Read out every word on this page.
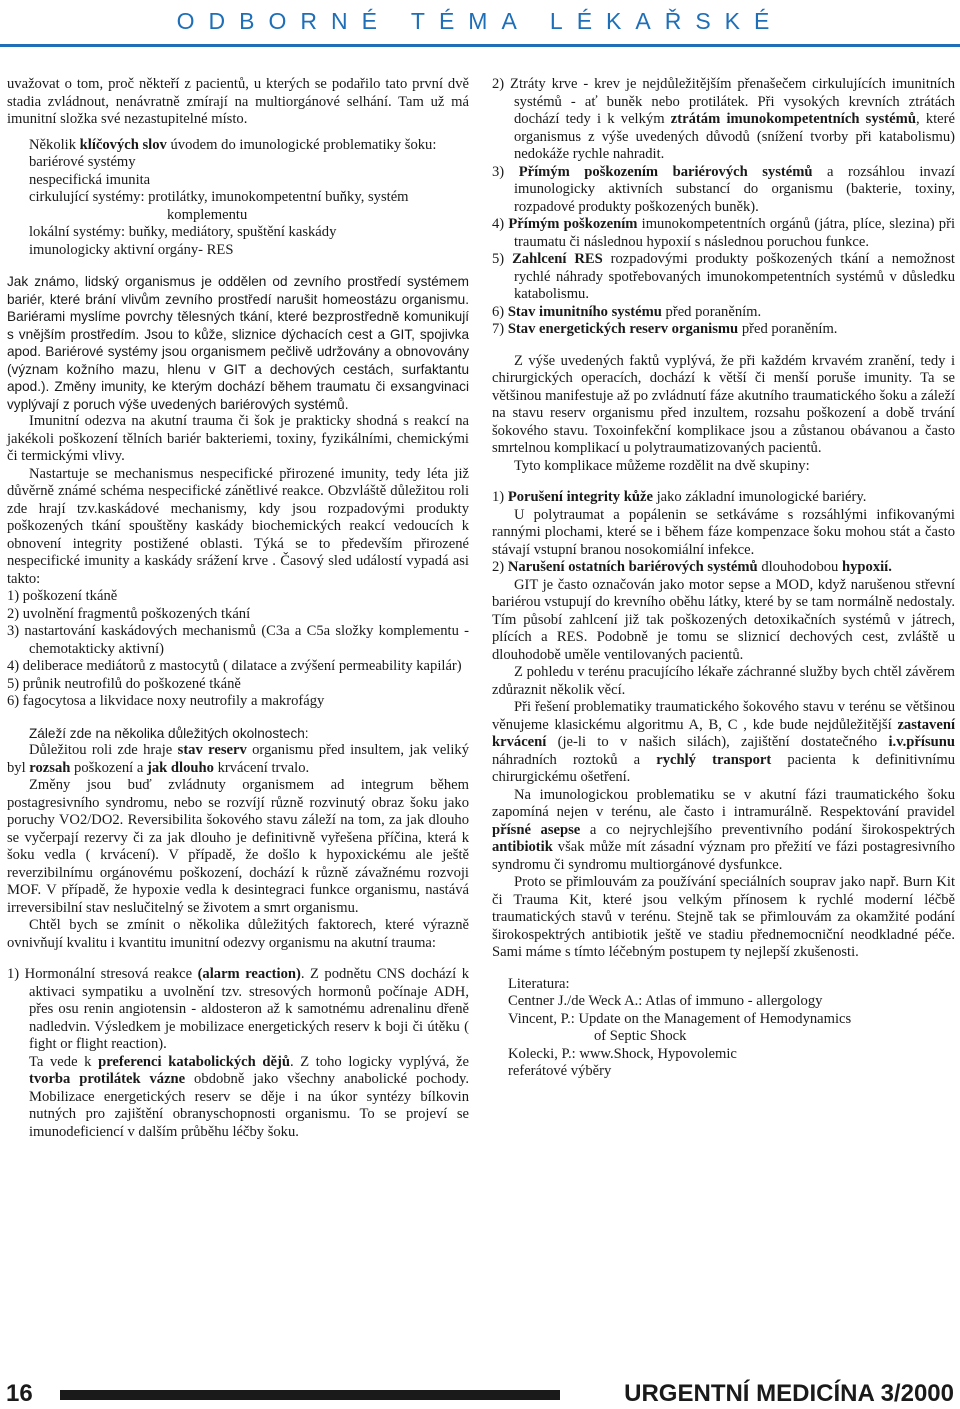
ODBORNÉ TÉMA LÉKAŘSKÉ

uvažovat o tom, proč někteří z pacientů, u kterých se podařilo tato první dvě stadia zvládnout, nenávratně zmírají na multiorgánové selhání. Tam už má imunitní složka své nezastupitelné místo.

Několik klíčových slov úvodem do imunologické problematiky šoku:

bariérové systémy

nespecifická imunita

cirkulující systémy: protilátky, imunokompetentní buňky, systém

komplementu

lokální systémy: buňky, mediátory, spuštění kaskády

imunologicky aktivní orgány- RES

Jak známo, lidský organismus je oddělen od zevního prostředí systémem bariér, které brání vlivům zevního prostředí narušit homeostázu organismu. Bariérami myslíme povrchy tělesných tkání, které bezprostředně komunikují s vnějším prostředím. Jsou to kůže, sliznice dýchacích cest a GIT, spojivka apod. Bariérové systémy jsou organismem pečlivě udržovány a obnovovány (význam kožního mazu, hlenu v GIT a dechových cestách, surfaktantu apod.). Změny imunity, ke kterým dochází během traumatu či exsangvinaci vyplývají z poruch výše uvedených bariérových systémů.

Imunitní odezva na akutní trauma či šok je prakticky shodná s reakcí na jakékoli poškození tělních bariér bakteriemi, toxiny, fyzikálními, chemickými či termickými vlivy.

Nastartuje se mechanismus nespecifické přirozené imunity, tedy léta již důvěrně známé schéma nespecifické zánětlivé reakce. Obzvláště důležitou roli zde hrají tzv.kaskádové mechanismy, kdy jsou rozpadovými produkty poškozených tkání spouštěny kaskády biochemických reakcí vedoucích k obnovení integrity postižené oblasti. Týká se to především přirozené nespecifické imunity a kaskády srážení krve . Časový sled událostí vypadá asi takto:

1) poškození tkáně

2) uvolnění fragmentů poškozených tkání

3) nastartování kaskádových mechanismů (C3a a C5a složky komplementu - chemotakticky aktivní)

4) deliberace mediátorů z mastocytů ( dilatace a zvýšení permeability kapilár)

5) průnik neutrofilů do poškozené tkáně

6) fagocytosa a likvidace noxy neutrofily a makrofágy

Záleží zde na několika důležitých okolnostech:

Důležitou roli zde hraje stav reserv organismu před insultem, jak veliký byl rozsah poškození a jak dlouho krvácení trvalo.

Změny jsou buď zvládnuty organismem ad integrum během postagresivního syndromu, nebo se rozvíjí různě rozvinutý obraz šoku jako poruchy VO2/DO2. Reversibilita šokového stavu záleží na tom, za jak dlouho se vyčerpají rezervy či za jak dlouho je definitivně vyřešena příčina, která k šoku vedla ( krvácení). V případě, že došlo k hypoxickému ale ještě reverzibilnímu orgánovému poškození, dochází k různě závažnému rozvoji MOF. V případě, že hypoxie vedla k desintegraci funkce organismu, nastává irreversibilní stav neslučitelný se životem a smrt organismu.

Chtěl bych se zmínit o několika důležitých faktorech, které výrazně ovnivňují kvalitu i kvantitu imunitní odezvy organismu na akutní trauma:

1) Hormonální stresová reakce (alarm reaction). Z podnětu CNS dochází k aktivaci sympatiku a uvolnění tzv. stresových hormonů počínaje ADH, přes osu renin angiotensin - aldosteron až k samotnému adrenalinu dřeně nadledvin. Výsledkem je mobilizace energetických reserv k boji či útěku ( fight or flight reaction).

Ta vede k preferenci katabolických dějů. Z toho logicky vyplývá, že tvorba protilátek vázne obdobně jako všechny anabolické pochody. Mobilizace energetických reserv se děje i na úkor syntézy bílkovin nutných pro zajištění obranyschopnosti organismu. To se projeví se imunodeficiencí v dalším průběhu léčby šoku.

2) Ztráty krve - krev je nejdůležitějším přenašečem cirkulujících imunitních systémů - ať buněk nebo protilátek. Při vysokých krevních ztrátách dochází tedy i k velkým ztrátám imunokompetentních systémů, které organismus z výše uvedených důvodů (snížení tvorby při katabolismu) nedokáže rychle nahradit.

3) Přímým poškozením bariérových systémů a rozsáhlou invazí imunologicky aktivních substancí do organismu (bakterie, toxiny, rozpadové produkty poškozených buněk).

4) Přímým poškozením imunokompetentních orgánů (játra, plíce, slezina) při traumatu či následnou hypoxií s následnou poruchou funkce.

5) Zahlcení RES rozpadovými produkty poškozených tkání a nemožnost rychlé náhrady spotřebovaných imunokompetentních systémů v důsledku katabolismu.

6) Stav imunitního systému před poraněním.

7) Stav energetických reserv organismu před poraněním.

Z výše uvedených faktů vyplývá, že při každém krvavém zranění, tedy i chirurgických operacích, dochází k větší či menší poruše imunity. Ta se většinou manifestuje až po zvládnutí fáze akutního traumatického šoku a záleží na stavu reserv organismu před inzultem, rozsahu poškození a době trvání šokového stavu. Toxoinfekční komplikace jsou a zůstanou obávanou a často smrtelnou komplikací u polytraumatizovaných pacientů.

Tyto komplikace můžeme rozdělit na dvě skupiny:

1) Porušení integrity kůže jako základní imunologické bariéry.

U polytraumat a popálenin se setkáváme s rozsáhlými infikovanými rannými plochami, které se i během fáze kompenzace šoku mohou stát a často stávají vstupní branou nosokomiální infekce.

2) Narušení ostatních bariérových systémů dlouhodobou hypoxií.

GIT je často označován jako motor sepse a MOD, když narušenou střevní bariérou vstupují do krevního oběhu látky, které by se tam normálně nedostaly. Tím působí zahlcení již tak poškozených detoxikačních systémů v játrech, plících a RES. Podobně je tomu se sliznicí dechových cest, zvláště u dlouhodobě uměle ventilovaných pacientů.

Z pohledu v terénu pracujícího lékaře záchranné služby bych chtěl závěrem zdůraznit několik věcí.

Při řešení problematiky traumatického šokového stavu v terénu se většinou věnujeme klasickému algoritmu A, B, C , kde bude nejdůležitější zastavení krvácení (je-li to v našich silách), zajištění dostatečného i.v.přísunu náhradních roztoků a rychlý transport pacienta k definitivnímu chirurgickému ošetření.

Na imunologickou problematiku se v akutní fázi traumatického šoku zapomíná nejen v terénu, ale často i intramurálně. Respektování pravidel přísné asepse a co nejrychlejšího preventivního podání širokospektrých antibiotik však může mít zásadní význam pro přežití ve fázi postagresivního syndromu či syndromu multiorgánové dysfunkce.

Proto se přimlouvám za používání speciálních souprav jako např. Burn Kit či Trauma Kit, které jsou velkým přínosem k rychlé moderní léčbě traumatických stavů v terénu. Stejně tak se přimlouvám za okamžité podání širokospektrých antibiotik ještě ve stadiu přednemocniční neodkladné péče. Sami máme s tímto léčebným postupem ty nejlepší zkušenosti.

Literatura:

Centner J./de Weck A.: Atlas of immuno - allergology

Vincent, P.: Update on the Management of Hemodynamics

of Septic Shock

Kolecki, P.: www.Shock, Hypovolemic

referátové výběry

16	URGENTNÍ MEDICÍNA 3/2000
